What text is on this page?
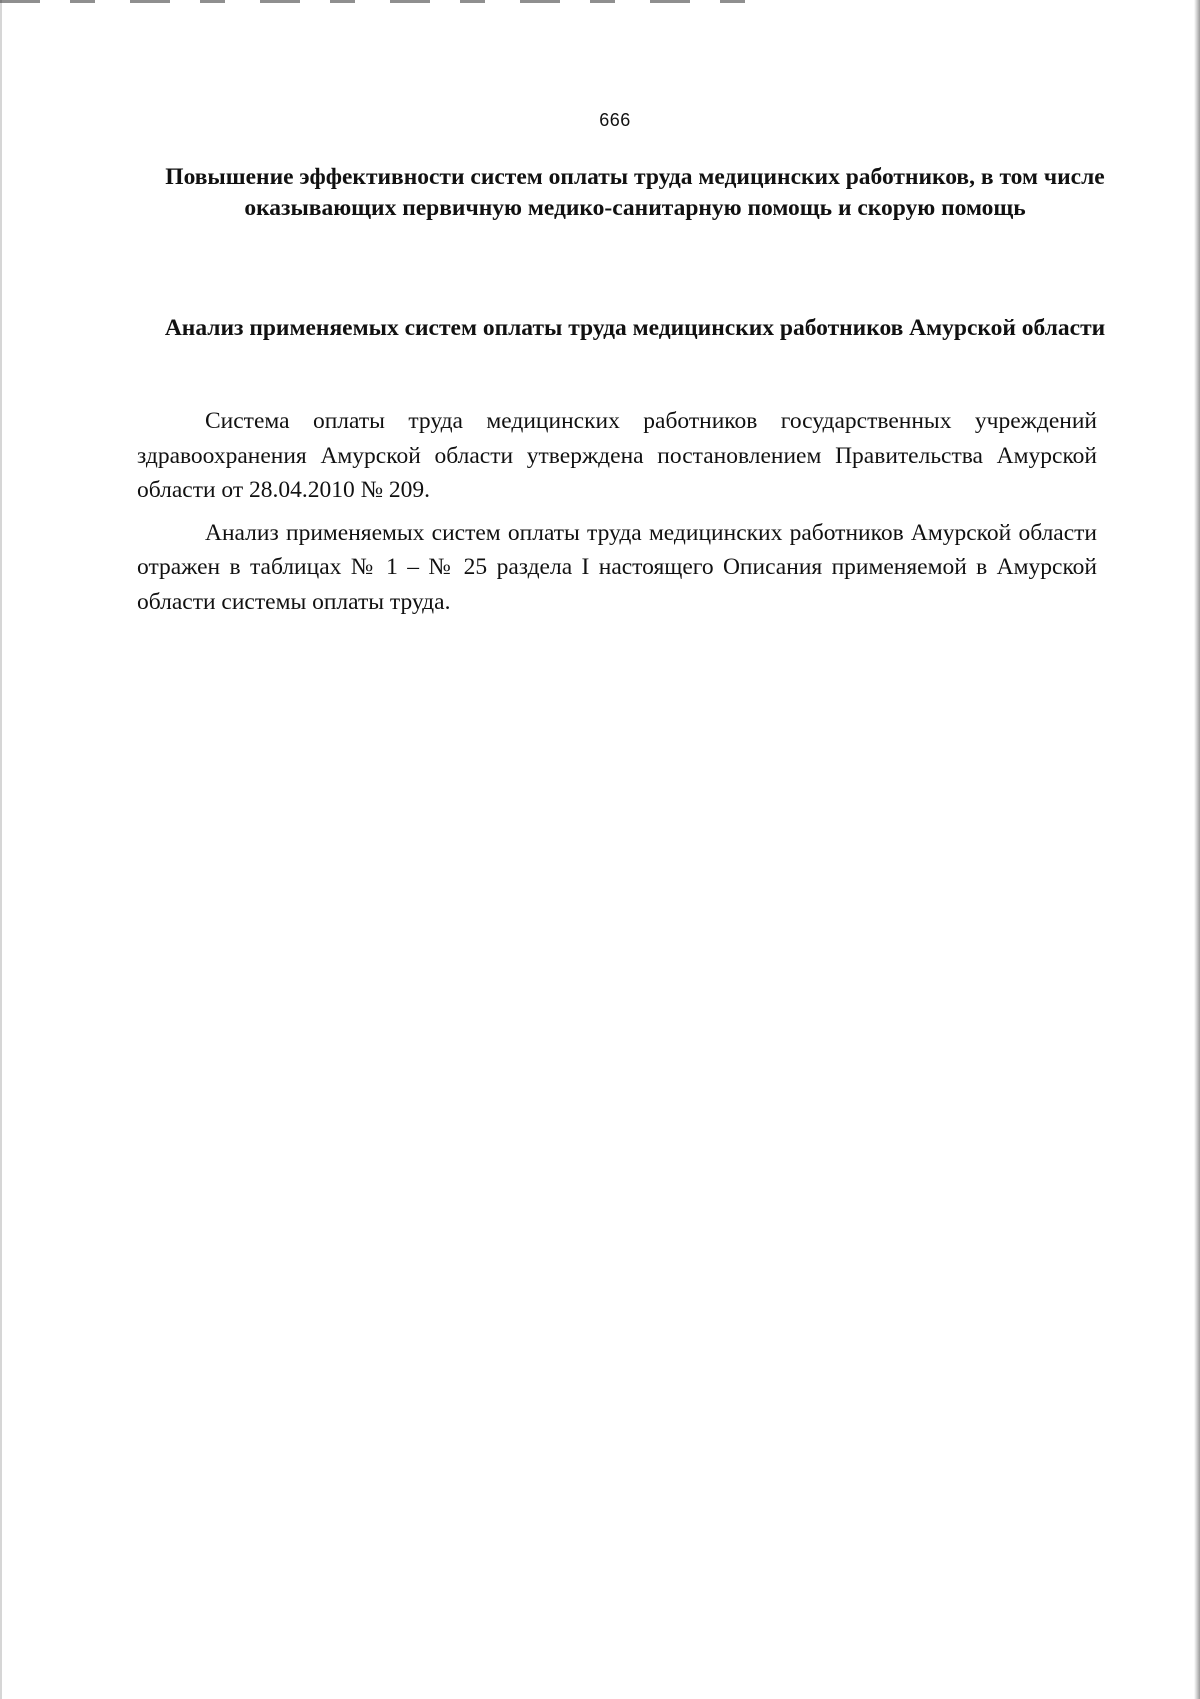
666
Повышение эффективности систем оплаты труда медицинских работников, в том числе оказывающих первичную медико-санитарную помощь и скорую помощь
Анализ применяемых систем оплаты труда медицинских работников Амурской области

Система оплаты труда медицинских работников государственных учреждений здравоохранения Амурской области утверждена постановлением Правительства Амурской области от 28.04.2010 № 209.

Анализ применяемых систем оплаты труда медицинских работников Амурской области отражен в таблицах № 1 – № 25 раздела I настоящего Описания применяемой в Амурской области системы оплаты труда.
